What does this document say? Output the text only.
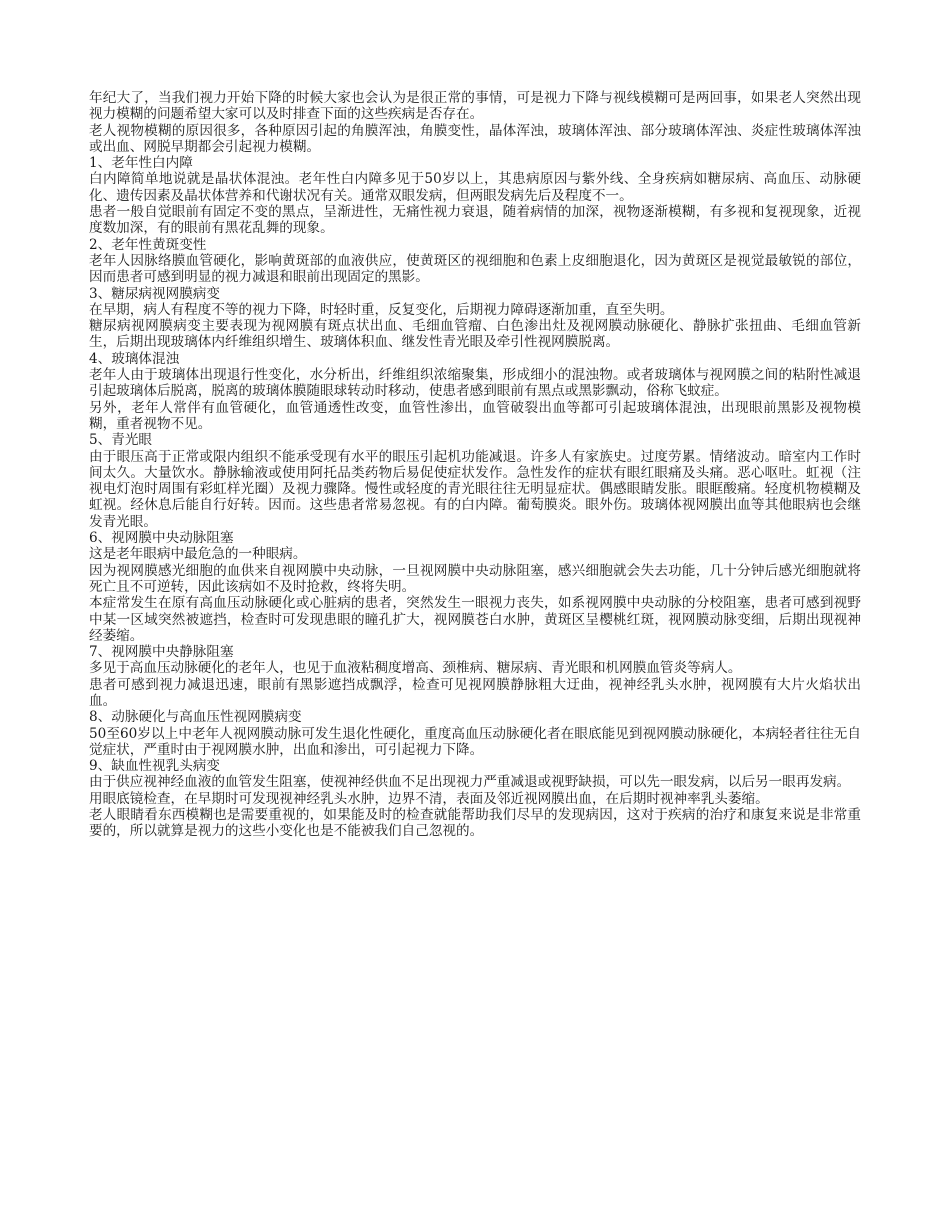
年纪大了，当我们视力开始下降的时候大家也会认为是很正常的事情，可是视力下降与视线模糊可是两回事，如果老人突然出现视力模糊的问题希望大家可以及时排查下面的这些疾病是否存在。

老人视物模糊的原因很多，各种原因引起的角膜浑浊，角膜变性，晶体浑浊，玻璃体浑浊、部分玻璃体浑浊、炎症性玻璃体浑浊或出血、网脱早期都会引起视力模糊。

1、老年性白内障

白内障简单地说就是晶状体混浊。老年性白内障多见于50岁以上，其患病原因与紫外线、全身疾病如糖尿病、高血压、动脉硬化、遗传因素及晶状体营养和代谢状况有关。通常双眼发病，但两眼发病先后及程度不一。

患者一般自觉眼前有固定不变的黑点，呈渐进性，无痛性视力衰退，随着病情的加深，视物逐渐模糊，有多视和复视现象，近视度数加深，有的眼前有黑花乱舞的现象。

2、老年性黄斑变性

老年人因脉络膜血管硬化，影响黄斑部的血液供应，使黄斑区的视细胞和色素上皮细胞退化，因为黄斑区是视觉最敏锐的部位，因而患者可感到明显的视力减退和眼前出现固定的黑影。

3、糖尿病视网膜病变

在早期，病人有程度不等的视力下降，时轻时重，反复变化，后期视力障碍逐渐加重，直至失明。

糖尿病视网膜病变主要表现为视网膜有斑点状出血、毛细血管瘤、白色渗出灶及视网膜动脉硬化、静脉扩张扭曲、毛细血管新生，后期出现玻璃体内纤维组织增生、玻璃体积血、继发性青光眼及牵引性视网膜脱离。

4、玻璃体混浊

老年人由于玻璃体出现退行性变化，水分析出，纤维组织浓缩聚集，形成细小的混浊物。或者玻璃体与视网膜之间的粘附性减退引起玻璃体后脱离，脱离的玻璃体膜随眼球转动时移动，使患者感到眼前有黑点或黑影飘动，俗称飞蚊症。

另外，老年人常伴有血管硬化，血管通透性改变，血管性渗出，血管破裂出血等都可引起玻璃体混浊，出现眼前黑影及视物模糊，重者视物不见。

5、青光眼

由于眼压高于正常或限内组织不能承受现有水平的眼压引起机功能减退。许多人有家族史。过度劳累。情绪波动。暗室内工作时间太久。大量饮水。静脉输液或使用阿托品类药物后易促使症状发作。急性发作的症状有眼红眼痛及头痛。恶心呕吐。虹视（注视电灯泡时周围有彩虹样光圈）及视力骤降。慢性或轻度的青光眼往往无明显症状。偶感眼睛发胀。眼眶酸痛。轻度机物模糊及虹视。经休息后能自行好转。因而。这些患者常易忽视。有的白内障。葡萄膜炎。眼外伤。玻璃体视网膜出血等其他眼病也会继发青光眼。

6、视网膜中央动脉阻塞

这是老年眼病中最危急的一种眼病。

因为视网膜感光细胞的血供来自视网膜中央动脉，一旦视网膜中央动脉阻塞，感兴细胞就会失去功能，几十分钟后感光细胞就将死亡且不可逆转，因此该病如不及时抢救，终将失明。

本症常发生在原有高血压动脉硬化或心脏病的患者，突然发生一眼视力丧失，如系视网膜中央动脉的分校阻塞，患者可感到视野中某一区域突然被遮挡，检查时可发现患眼的瞳孔扩大，视网膜苍白水肿，黄斑区呈樱桃红斑，视网膜动脉变细，后期出现视神经萎缩。

7、视网膜中央静脉阻塞

多见于高血压动脉硬化的老年人，也见于血液粘稠度增高、颈椎病、糖尿病、青光眼和机网膜血管炎等病人。

患者可感到视力减退迅速，眼前有黑影遮挡成飘浮，检查可见视网膜静脉粗大迂曲，视神经乳头水肿，视网膜有大片火焰状出血。

8、动脉硬化与高血压性视网膜病变

50至60岁以上中老年人视网膜动脉可发生退化性硬化，重度高血压动脉硬化者在眼底能见到视网膜动脉硬化，本病轻者往往无自觉症状，严重时由于视网膜水肿，出血和渗出，可引起视力下降。

9、缺血性视乳头病变

由于供应视神经血液的血管发生阻塞，使视神经供血不足出现视力严重减退或视野缺损，可以先一眼发病，以后另一眼再发病。

用眼底镜检查，在早期时可发现视神经乳头水肿，边界不清，表面及邻近视网膜出血，在后期时视神率乳头萎缩。

老人眼睛看东西模糊也是需要重视的，如果能及时的检查就能帮助我们尽早的发现病因，这对于疾病的治疗和康复来说是非常重要的，所以就算是视力的这些小变化也是不能被我们自己忽视的。
